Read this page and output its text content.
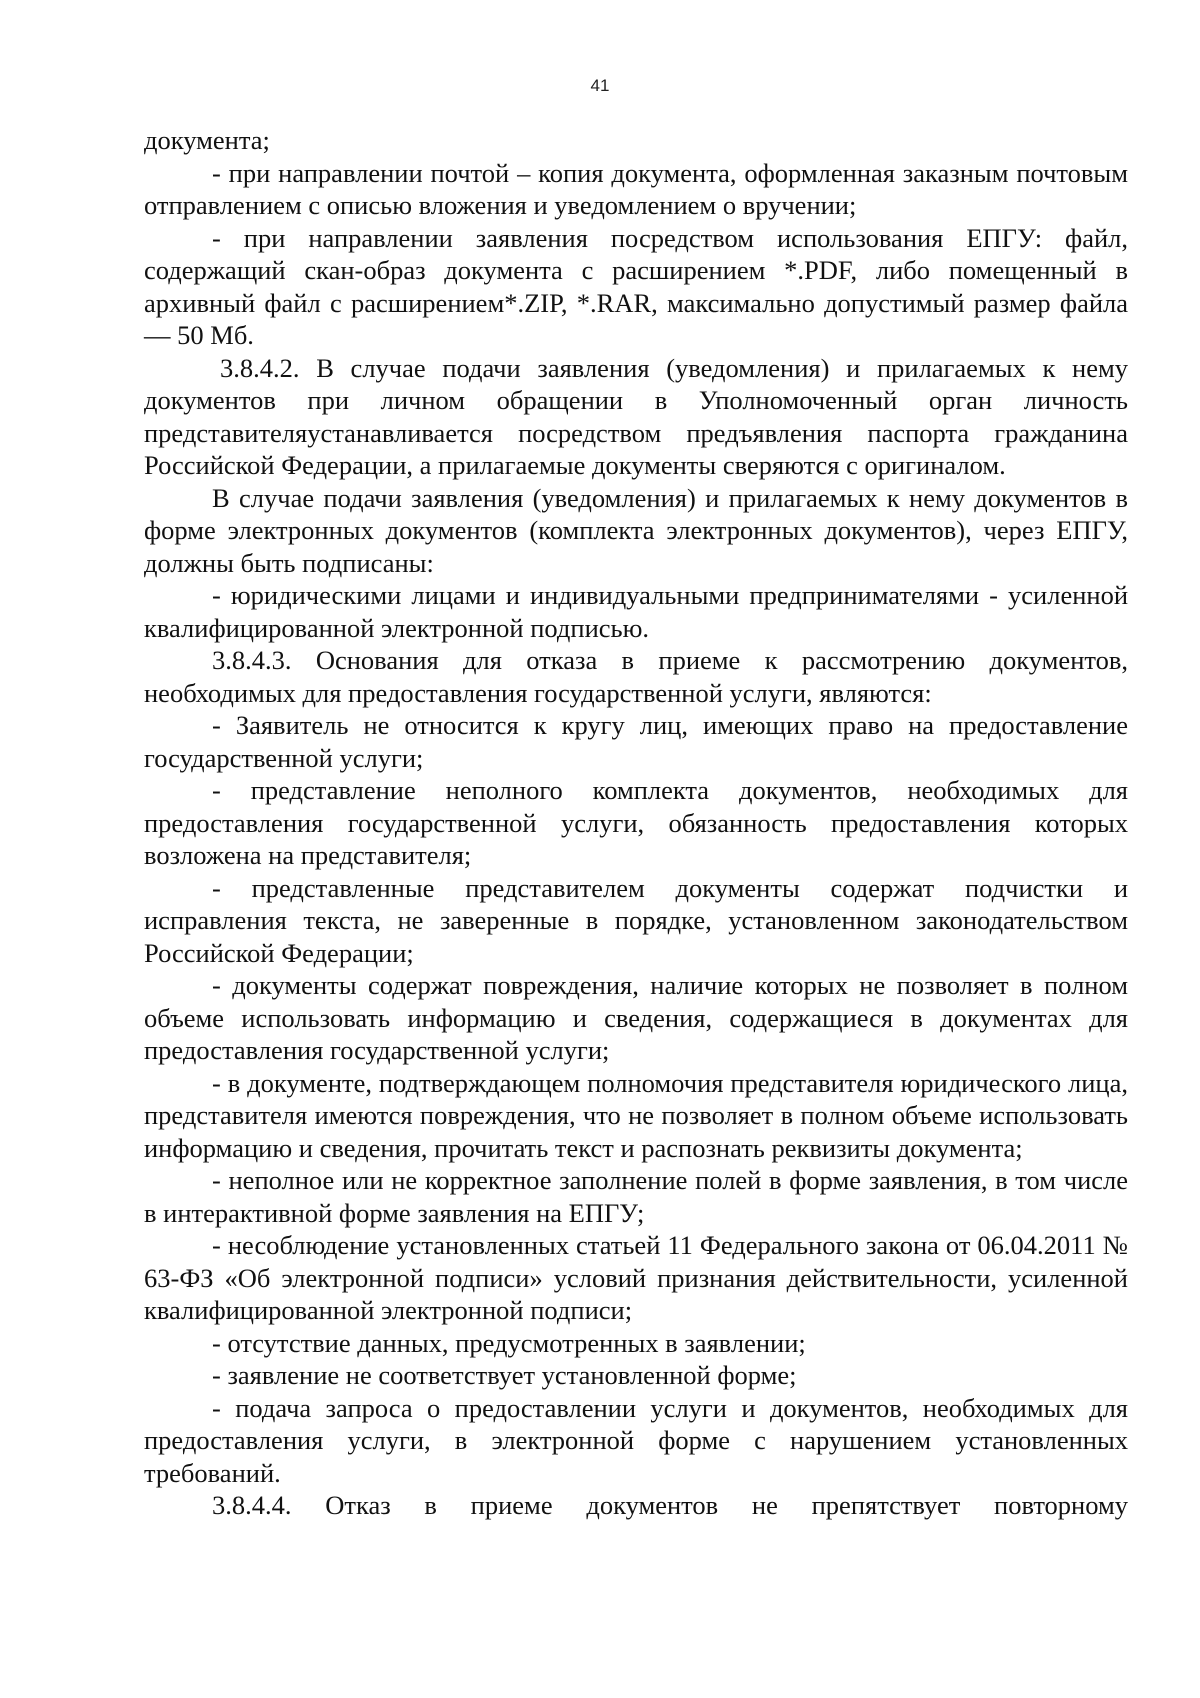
41

документа;

- при направлении почтой – копия документа, оформленная заказным почтовым отправлением с описью вложения и уведомлением о вручении;

- при направлении заявления посредством использования ЕПГУ: файл, содержащий скан-образ документа с расширением *.PDF, либо помещенный в архивный файл с расширением*.ZIP, *.RAR, максимально допустимый размер файла — 50 Мб.

3.8.4.2. В случае подачи заявления (уведомления) и прилагаемых к нему документов при личном обращении в Уполномоченный орган личность представителяустанавливается посредством предъявления паспорта гражданина Российской Федерации, а прилагаемые документы сверяются с оригиналом.

В случае подачи заявления (уведомления) и прилагаемых к нему документов в форме электронных документов (комплекта электронных документов), через ЕПГУ, должны быть подписаны:

- юридическими лицами и индивидуальными предпринимателями - усиленной квалифицированной электронной подписью.

3.8.4.3. Основания для отказа в приеме к рассмотрению документов, необходимых для предоставления государственной услуги, являются:

- Заявитель не относится к кругу лиц, имеющих право на предоставление государственной услуги;

- представление неполного комплекта документов, необходимых для предоставления государственной услуги, обязанность предоставления которых возложена на представителя;

- представленные представителем документы содержат подчистки и исправления текста, не заверенные в порядке, установленном законодательством Российской Федерации;

- документы содержат повреждения, наличие которых не позволяет в полном объеме использовать информацию и сведения, содержащиеся в документах для предоставления государственной услуги;

- в документе, подтверждающем полномочия представителя юридического лица, представителя имеются повреждения, что не позволяет в полном объеме использовать информацию и сведения, прочитать текст и распознать реквизиты документа;

- неполное или не корректное заполнение полей в форме заявления, в том числе в интерактивной форме заявления на ЕПГУ;

- несоблюдение установленных статьей 11 Федерального закона от 06.04.2011 № 63-ФЗ «Об электронной подписи» условий признания действительности, усиленной квалифицированной электронной подписи;

- отсутствие данных, предусмотренных в заявлении;

- заявление не соответствует установленной форме;

- подача запроса о предоставлении услуги и документов, необходимых для предоставления услуги, в электронной форме с нарушением установленных требований.

3.8.4.4. Отказ в приеме документов не препятствует повторному
